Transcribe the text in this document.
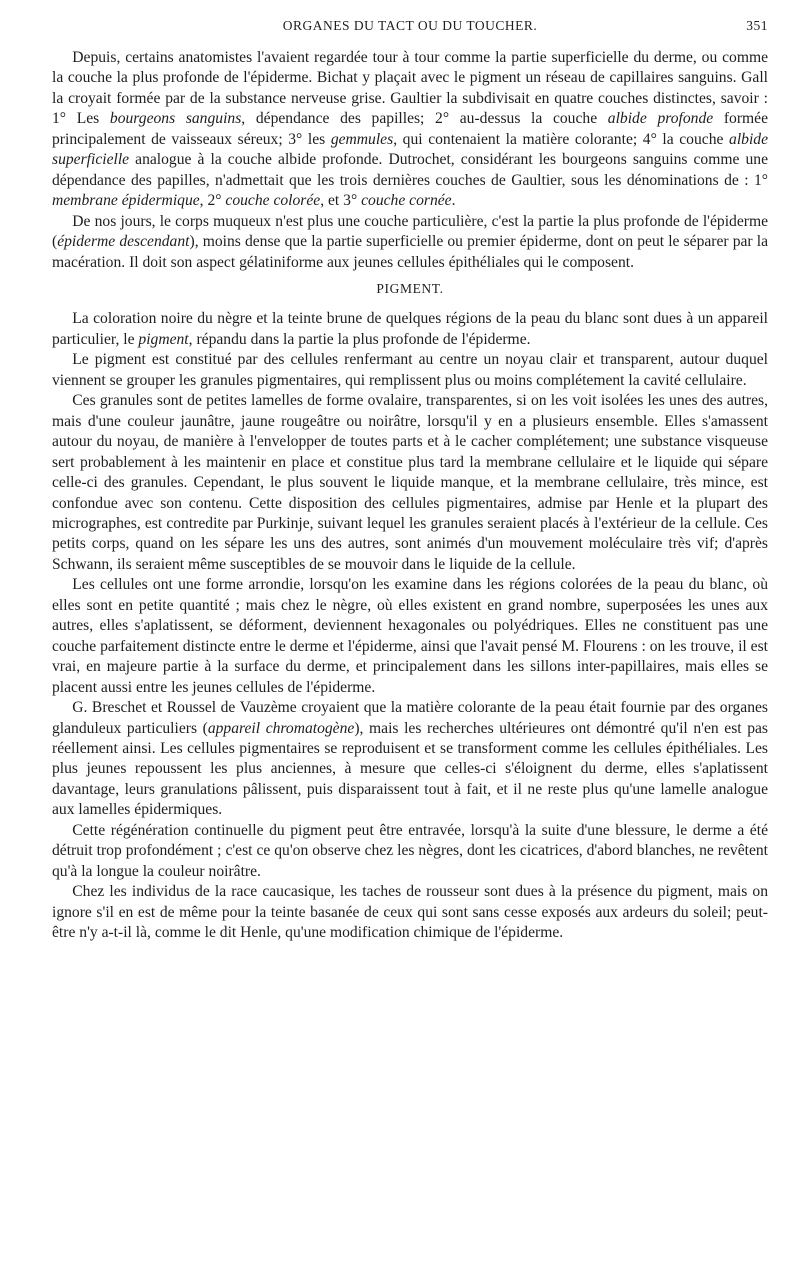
ORGANES DU TACT OU DU TOUCHER.	351

Depuis, certains anatomistes l'avaient regardée tour à tour comme la partie superficielle du derme, ou comme la couche la plus profonde de l'épiderme. Bichat y plaçait avec le pigment un réseau de capillaires sanguins. Gall la croyait formée par de la substance nerveuse grise. Gaultier la subdivisait en quatre couches distinctes, savoir : 1° Les bourgeons sanguins, dépendance des papilles; 2° au-dessus la couche albide profonde formée principalement de vaisseaux séreux; 3° les gemmules, qui contenaient la matière colorante; 4° la couche albide superficielle analogue à la couche albide profonde. Dutrochet, considérant les bourgeons sanguins comme une dépendance des papilles, n'admettait que les trois dernières couches de Gaultier, sous les dénominations de : 1° membrane épidermique, 2° couche colorée, et 3° couche cornée.

De nos jours, le corps muqueux n'est plus une couche particulière, c'est la partie la plus profonde de l'épiderme (épiderme descendant), moins dense que la partie superficielle ou premier épiderme, dont on peut le séparer par la macération. Il doit son aspect gélatiniforme aux jeunes cellules épithéliales qui le composent.

PIGMENT.

La coloration noire du nègre et la teinte brune de quelques régions de la peau du blanc sont dues à un appareil particulier, le pigment, répandu dans la partie la plus profonde de l'épiderme.

Le pigment est constitué par des cellules renfermant au centre un noyau clair et transparent, autour duquel viennent se grouper les granules pigmentaires, qui remplissent plus ou moins complétement la cavité cellulaire.

Ces granules sont de petites lamelles de forme ovalaire, transparentes, si on les voit isolées les unes des autres, mais d'une couleur jaunâtre, jaune rougeâtre ou noirâtre, lorsqu'il y en a plusieurs ensemble. Elles s'amassent autour du noyau, de manière à l'envelopper de toutes parts et à le cacher complétement; une substance visqueuse sert probablement à les maintenir en place et constitue plus tard la membrane cellulaire et le liquide qui sépare celle-ci des granules. Cependant, le plus souvent le liquide manque, et la membrane cellulaire, très mince, est confondue avec son contenu. Cette disposition des cellules pigmentaires, admise par Henle et la plupart des micrographes, est contredite par Purkinje, suivant lequel les granules seraient placés à l'extérieur de la cellule. Ces petits corps, quand on les sépare les uns des autres, sont animés d'un mouvement moléculaire très vif; d'après Schwann, ils seraient même susceptibles de se mouvoir dans le liquide de la cellule.

Les cellules ont une forme arrondie, lorsqu'on les examine dans les régions colorées de la peau du blanc, où elles sont en petite quantité ; mais chez le nègre, où elles existent en grand nombre, superposées les unes aux autres, elles s'aplatissent, se déforment, deviennent hexagonales ou polyédriques. Elles ne constituent pas une couche parfaitement distincte entre le derme et l'épiderme, ainsi que l'avait pensé M. Flourens : on les trouve, il est vrai, en majeure partie à la surface du derme, et principalement dans les sillons inter-papillaires, mais elles se placent aussi entre les jeunes cellules de l'épiderme.

G. Breschet et Roussel de Vauzème croyaient que la matière colorante de la peau était fournie par des organes glanduleux particuliers (appareil chromatogène), mais les recherches ultérieures ont démontré qu'il n'en est pas réellement ainsi. Les cellules pigmentaires se reproduisent et se transforment comme les cellules épithéliales. Les plus jeunes repoussent les plus anciennes, à mesure que celles-ci s'éloignent du derme, elles s'aplatissent davantage, leurs granulations pâlissent, puis disparaissent tout à fait, et il ne reste plus qu'une lamelle analogue aux lamelles épidermiques.

Cette régénération continuelle du pigment peut être entravée, lorsqu'à la suite d'une blessure, le derme a été détruit trop profondément ; c'est ce qu'on observe chez les nègres, dont les cicatrices, d'abord blanches, ne revêtent qu'à la longue la couleur noirâtre.

Chez les individus de la race caucasique, les taches de rousseur sont dues à la présence du pigment, mais on ignore s'il en est de même pour la teinte basanée de ceux qui sont sans cesse exposés aux ardeurs du soleil; peut-être n'y a-t-il là, comme le dit Henle, qu'une modification chimique de l'épiderme.
